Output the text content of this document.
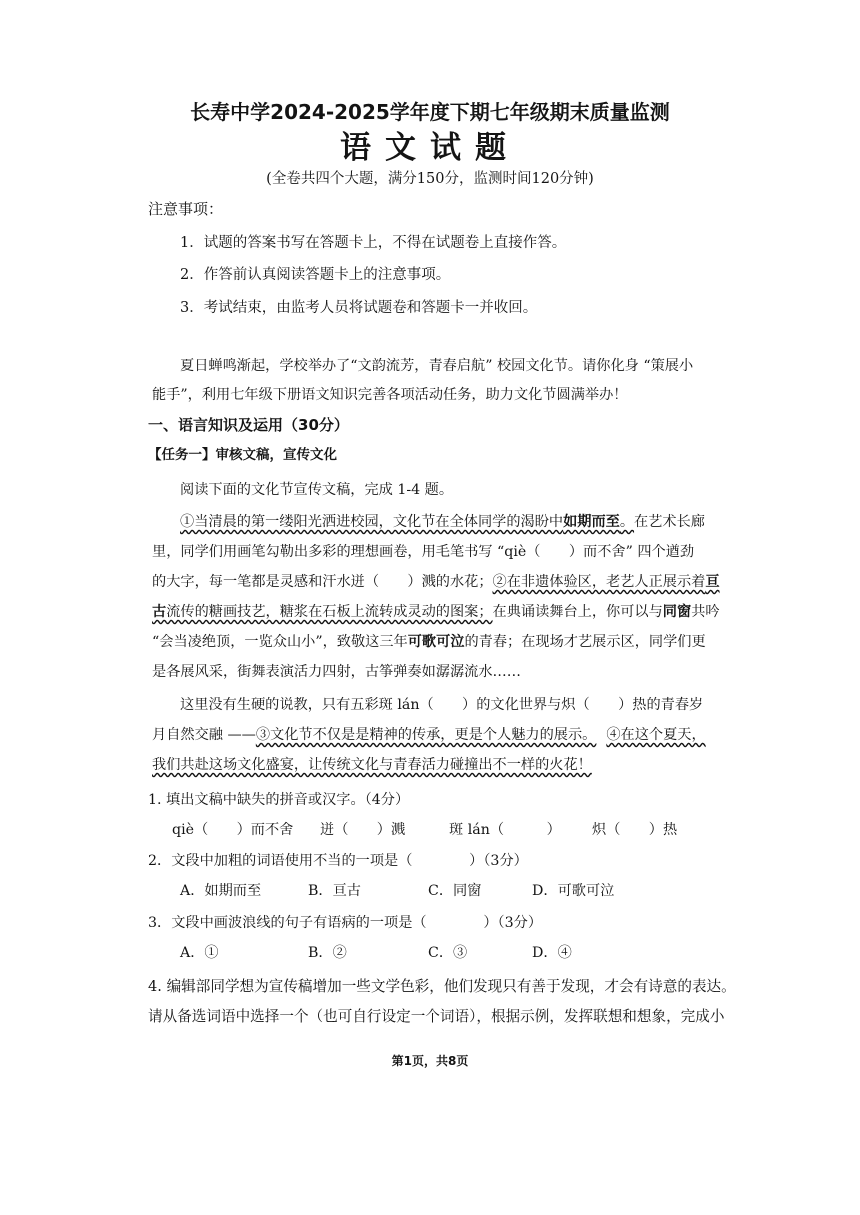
长寿中学2024-2025学年度下期七年级期末质量监测
语文试题
(全卷共四个大题，满分150分，监测时间120分钟)
注意事项：
1．试题的答案书写在答题卡上，不得在试题卷上直接作答。
2．作答前认真阅读答题卡上的注意事项。
3．考试结束，由监考人员将试题卷和答题卡一并收回。
夏日蝉鸣渐起，学校举办了“文韵流芳，青春启航” 校园文化节。请你化身 “策展小
能手”，利用七年级下册语文知识完善各项活动任务，助力文化节圆满举办！
一、语言知识及运用（30分）
【任务一】审核文稿，宣传文化
阅读下面的文化节宣传文稿，完成 1-4 题。
①当清晨的第一缕阳光洒进校园，文化节在全体同学的渴盼中如期而至。在艺术长廊
里，同学们用画笔勾勒出多彩的理想画卷，用毛笔书写 “qiè（　　）而不舍” 四个遒劲
的大字，每一笔都是灵感和汗水迸（　　）溅的水花；②在非遗体验区，老艺人正展示着亘
古流传的糖画技艺，糖浆在石板上流转成灵动的图案；在典诵读舞台上，你可以与同窗共吟
“会当凌绝顶，一览众山小”，致敬这三年可歌可泣的青春；在现场才艺展示区，同学们更
是各展风采，街舞表演活力四射，古筝弹奏如潺潺流水……
这里没有生硬的说教，只有五彩斑 lán（　　）的文化世界与炽（　　）热的青春岁
月自然交融 ——③文化节不仅是是精神的传承，更是个人魅力的展示。 ④在这个夏天，
我们共赴这场文化盛宴，让传统文化与青春活力碰撞出不一样的火花！
1. 填出文稿中缺失的拼音或汉字。（4分）
qiè（　　）而不舍 迸（　　）溅	斑 lán（　　　） 炽（　　）热
2．文段中加粗的词语使用不当的一项是（　　　　）（3分）
A．如期而至	B．亘古	C．同窗	D．可歌可泣
3．文段中画波浪线的句子有语病的一项是（　　　　）（3分）
A．①	B．②	C．③	D．④
4. 编辑部同学想为宣传稿增加一些文学色彩，他们发现只有善于发现，才会有诗意的表达。
请从备选词语中选择一个（也可自行设定一个词语），根据示例，发挥联想和想象，完成小
第1页，共8页
